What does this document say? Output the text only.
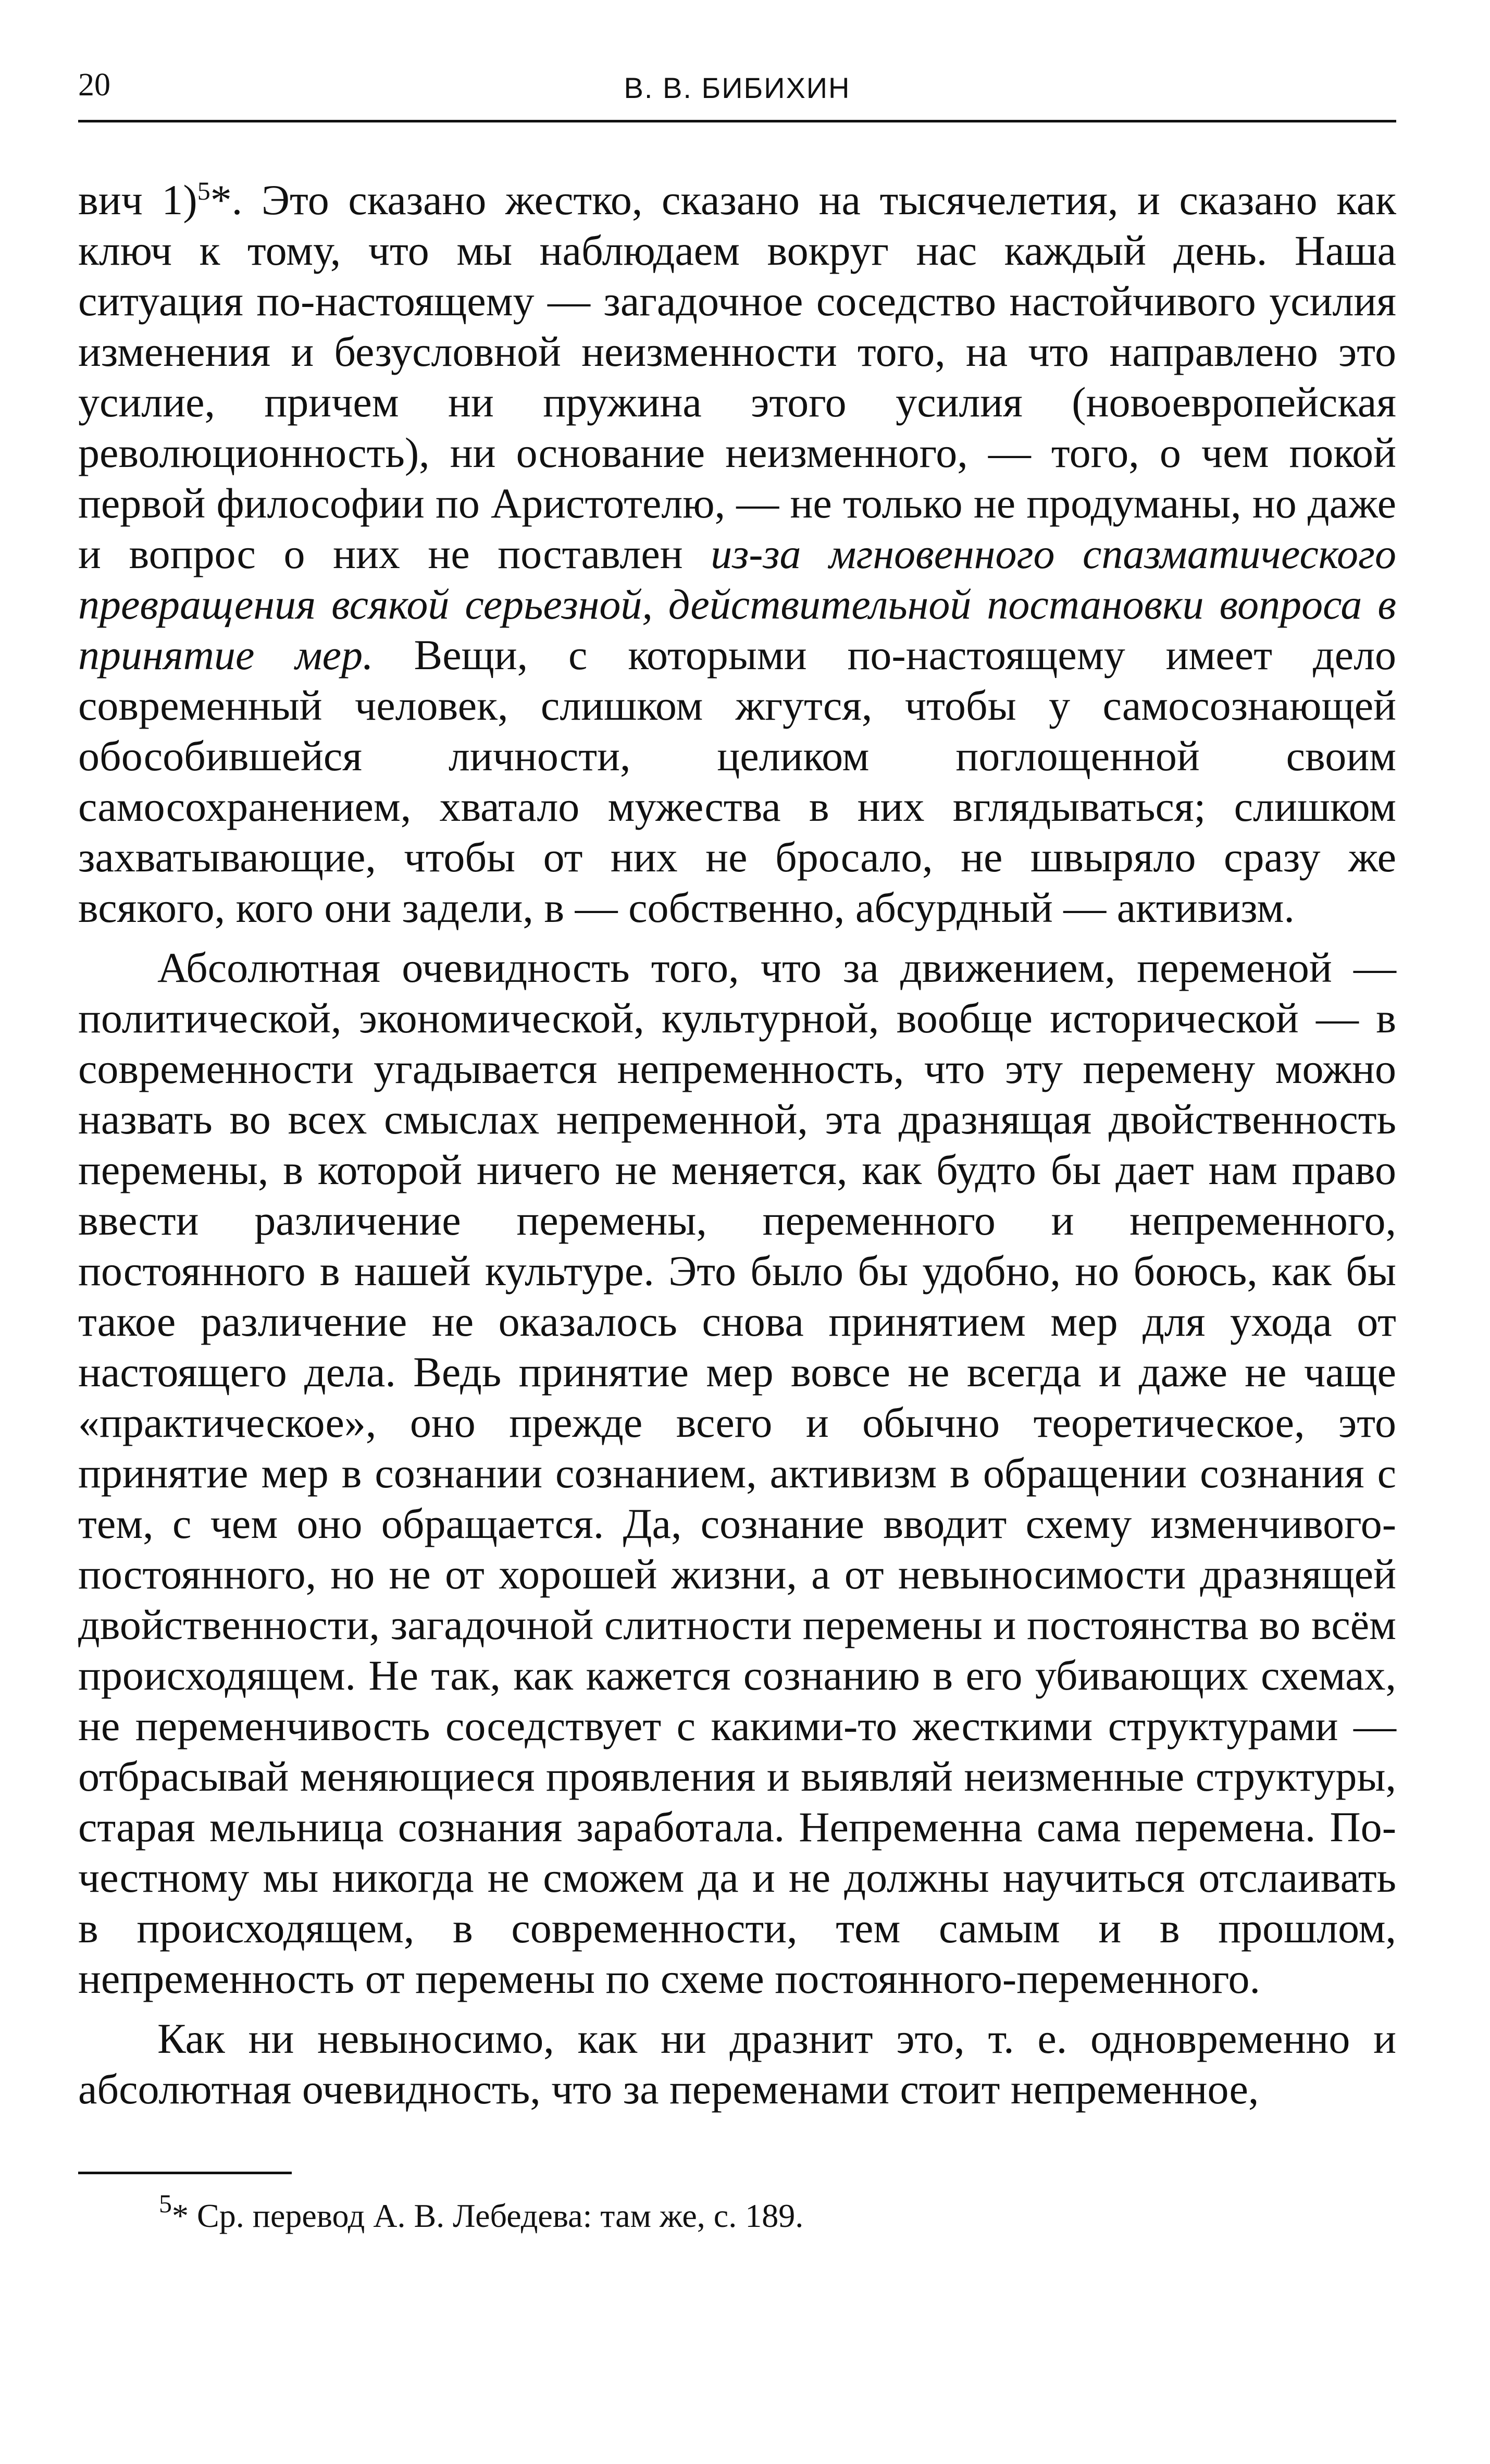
20	В. В. БИБИХИН

вич 1)$^5$*. Это сказано жестко, сказано на тысячелетия, и сказано как ключ к тому, что мы наблюдаем вокруг нас каждый день. Наша ситуация по-настоящему — загадочное соседство настойчивого усилия изменения и безусловной неизменности того, на что направлено это усилие, причем ни пружина этого усилия (новоевропейская революционность), ни основание неизменного, — того, о чем покой первой философии по Аристотелю, — не только не продуманы, но даже и вопрос о них не поставлен из-за мгновенного спазматического превращения всякой серьезной, действительной постановки вопроса в принятие мер. Вещи, с которыми по-настоящему имеет дело современный человек, слишком жгутся, чтобы у самосознающей обособившейся личности, целиком поглощенной своим самосохранением, хватало мужества в них вглядываться; слишком захватывающие, чтобы от них не бросало, не швыряло сразу же всякого, кого они задели, в — собственно, абсурдный — активизм.

Абсолютная очевидность того, что за движением, переменой — политической, экономической, культурной, вообще исторической — в современности угадывается непременность, что эту перемену можно назвать во всех смыслах непременной, эта дразнящая двойственность перемены, в которой ничего не меняется, как будто бы дает нам право ввести различение перемены, переменного и непременного, постоянного в нашей культуре. Это было бы удобно, но боюсь, как бы такое различение не оказалось снова принятием мер для ухода от настоящего дела. Ведь принятие мер вовсе не всегда и даже не чаще «практическое», оно прежде всего и обычно теоретическое, это принятие мер в сознании сознанием, активизм в обращении сознания с тем, с чем оно обращается. Да, сознание вводит схему изменчивого-постоянного, но не от хорошей жизни, а от невыносимости дразнящей двойственности, загадочной слитности перемены и постоянства во всём происходящем. Не так, как кажется сознанию в его убивающих схемах, не переменчивость соседствует с какими-то жесткими структурами — отбрасывай меняющиеся проявления и выявляй неизменные структуры, старая мельница сознания заработала. Непременна сама перемена. Почестному мы никогда не сможем да и не должны научиться отслаивать в происходящем, в современности, тем самым и в прошлом, непременность от перемены по схеме постоянного-переменного.

Как ни невыносимо, как ни дразнит это, т. е. одновременно и абсолютная очевидность, что за переменами стоит непременное,

$^5$* Ср. перевод А. В. Лебедева: там же, с. 189.
